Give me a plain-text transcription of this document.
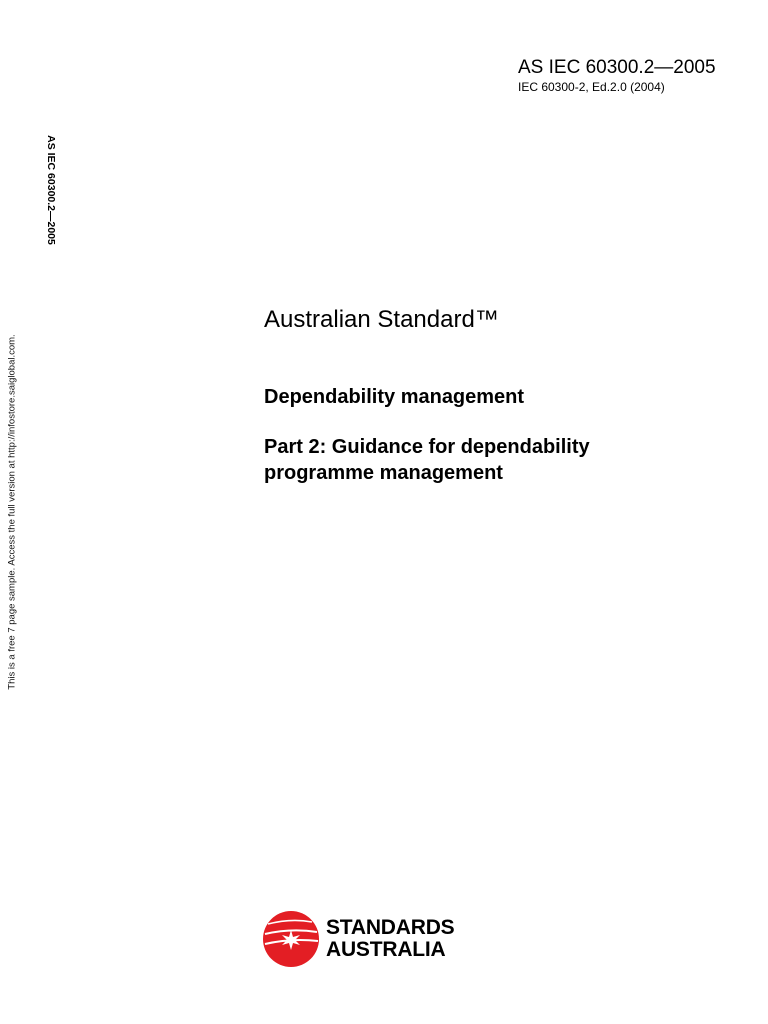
AS IEC 60300.2—2005
IEC 60300-2, Ed.2.0 (2004)
AS IEC 60300.2—2005
This is a free 7 page sample. Access the full version at http://infostore.saiglobal.com.
Australian Standard™
Dependability management
Part 2: Guidance for dependability
programme management
STANDARDS
AUSTRALIA
